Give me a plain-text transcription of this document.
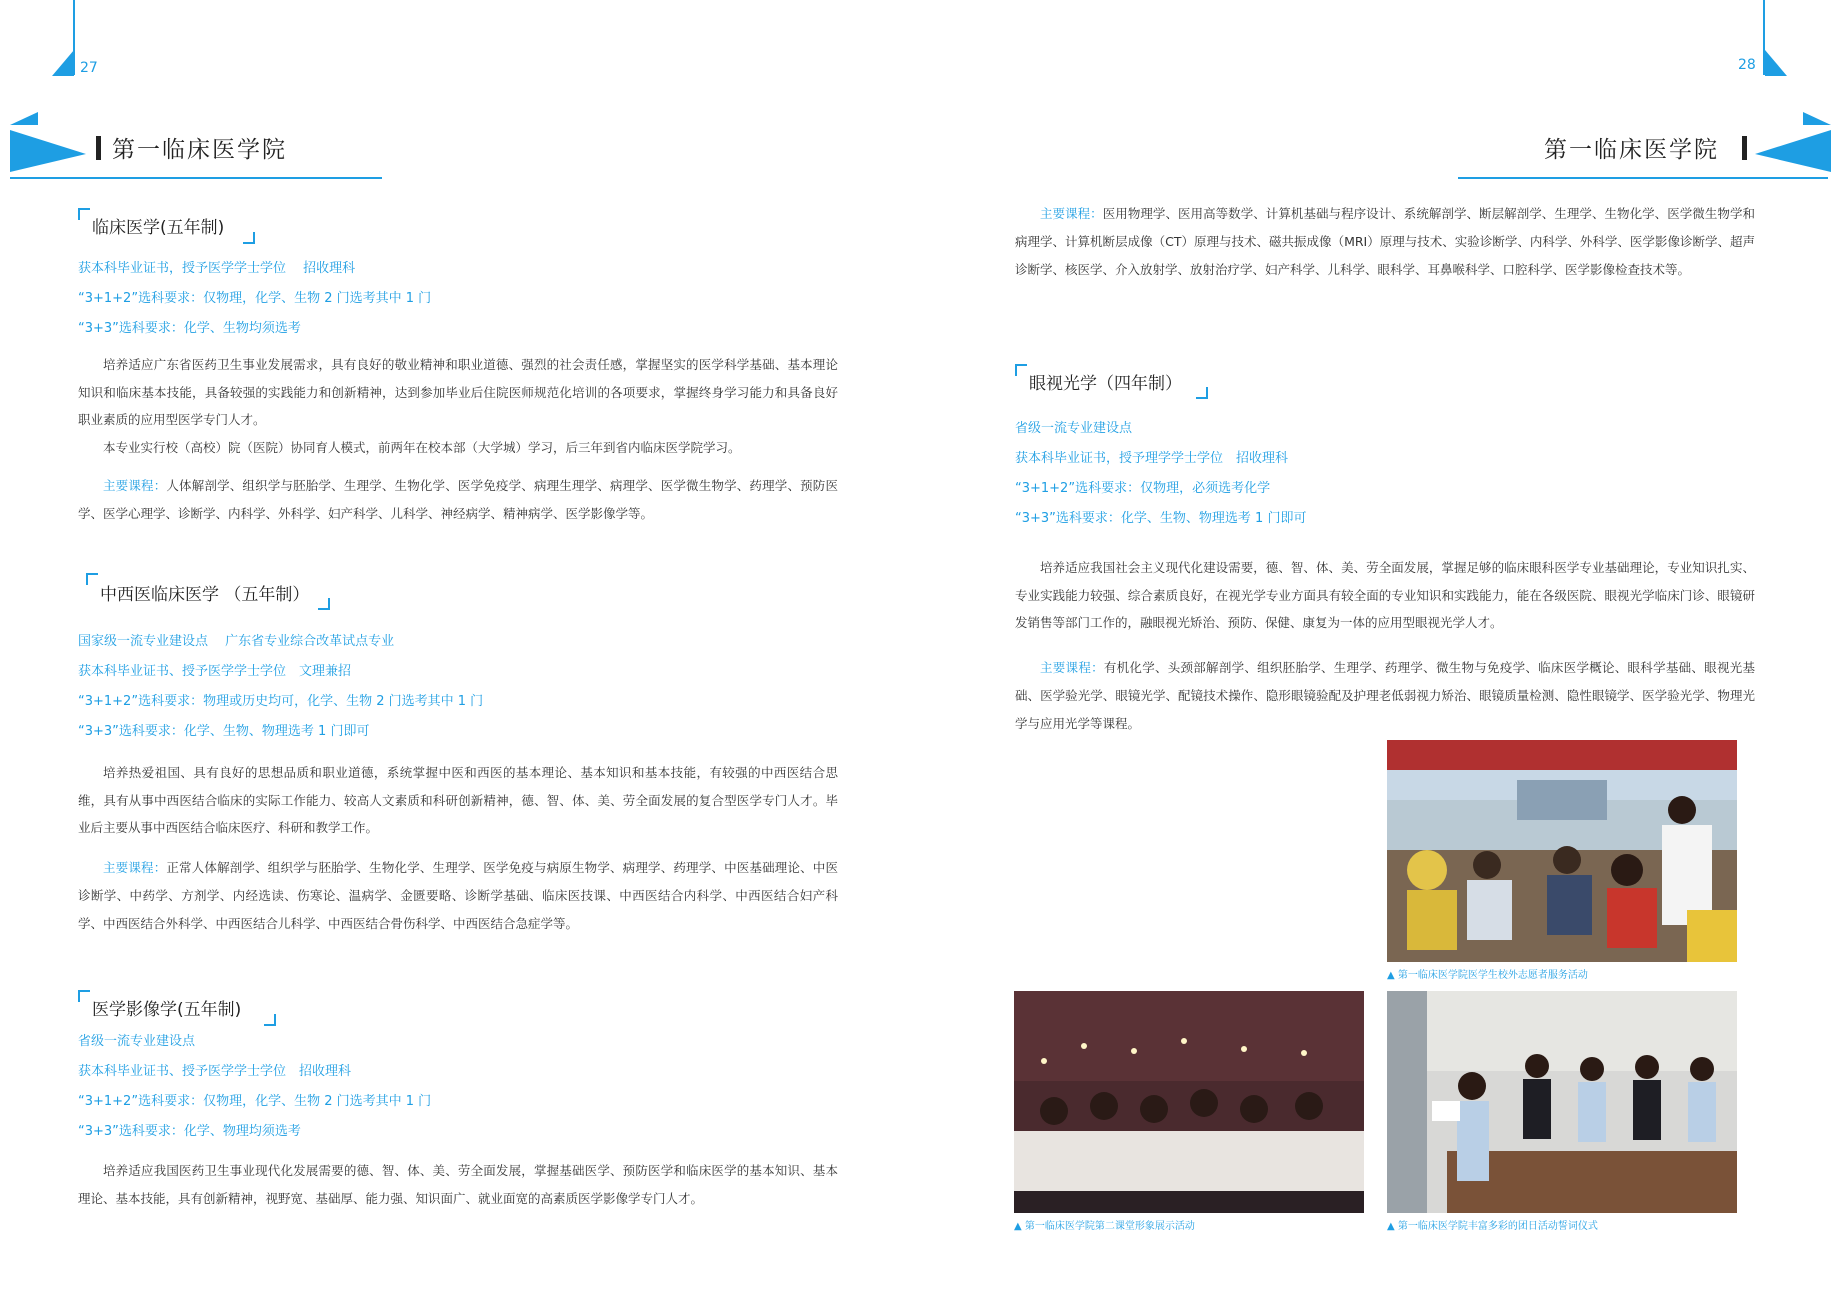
27
第一临床医学院
临床医学(五年制)
获本科毕业证书，授予医学学士学位　 招收理科
“3+1+2”选科要求：仅物理，化学、生物 2 门选考其中 1 门
“3+3”选科要求：化学、生物均须选考

培养适应广东省医药卫生事业发展需求，具有良好的敬业精神和职业道德、强烈的社会责任感，掌握坚实的医学科学基础、基本理论知识和临床基本技能，具备较强的实践能力和创新精神，达到参加毕业后住院医师规范化培训的各项要求，掌握终身学习能力和具备良好职业素质的应用型医学专门人才。

本专业实行校（高校）院（医院）协同育人模式，前两年在校本部（大学城）学习，后三年到省内临床医学院学习。

主要课程：人体解剖学、组织学与胚胎学、生理学、生物化学、医学免疫学、病理生理学、病理学、医学微生物学、药理学、预防医学、医学心理学、诊断学、内科学、外科学、妇产科学、儿科学、神经病学、精神病学、医学影像学等。

中西医临床医学 （五年制）
国家级一流专业建设点　 广东省专业综合改革试点专业
获本科毕业证书、授予医学学士学位　文理兼招
“3+1+2”选科要求：物理或历史均可，化学、生物 2 门选考其中 1 门
“3+3”选科要求：化学、生物、物理选考 1 门即可

培养热爱祖国、具有良好的思想品质和职业道德，系统掌握中医和西医的基本理论、基本知识和基本技能，有较强的中西医结合思维，具有从事中西医结合临床的实际工作能力、较高人文素质和科研创新精神，德、智、体、美、劳全面发展的复合型医学专门人才。毕业后主要从事中西医结合临床医疗、科研和教学工作。

主要课程：正常人体解剖学、组织学与胚胎学、生物化学、生理学、医学免疫与病原生物学、病理学、药理学、中医基础理论、中医诊断学、中药学、方剂学、内经选读、伤寒论、温病学、金匮要略、诊断学基础、临床医技课、中西医结合内科学、中西医结合妇产科学、中西医结合外科学、中西医结合儿科学、中西医结合骨伤科学、中西医结合急症学等。

医学影像学(五年制)
省级一流专业建设点
获本科毕业证书、授予医学学士学位　招收理科
“3+1+2”选科要求：仅物理，化学、生物 2 门选考其中 1 门
“3+3”选科要求：化学、物理均须选考

培养适应我国医药卫生事业现代化发展需要的德、智、体、美、劳全面发展，掌握基础医学、预防医学和临床医学的基本知识、基本理论、基本技能，具有创新精神，视野宽、基础厚、能力强、知识面广、就业面宽的高素质医学影像学专门人才。

28
第一临床医学院

主要课程：医用物理学、医用高等数学、计算机基础与程序设计、系统解剖学、断层解剖学、生理学、生物化学、医学微生物学和病理学、计算机断层成像（CT）原理与技术、磁共振成像（MRI）原理与技术、实验诊断学、内科学、外科学、医学影像诊断学、超声诊断学、核医学、介入放射学、放射治疗学、妇产科学、儿科学、眼科学、耳鼻喉科学、口腔科学、医学影像检查技术等。

眼视光学（四年制）
省级一流专业建设点
获本科毕业证书，授予理学学士学位　招收理科
“3+1+2”选科要求：仅物理，必须选考化学
“3+3”选科要求：化学、生物、物理选考 1 门即可

培养适应我国社会主义现代化建设需要，德、智、体、美、劳全面发展，掌握足够的临床眼科医学专业基础理论，专业知识扎实、专业实践能力较强、综合素质良好，在视光学专业方面具有较全面的专业知识和实践能力，能在各级医院、眼视光学临床门诊、眼镜研发销售等部门工作的，融眼视光矫治、预防、保健、康复为一体的应用型眼视光学人才。

主要课程：有机化学、头颈部解剖学、组织胚胎学、生理学、药理学、微生物与免疫学、临床医学概论、眼科学基础、眼视光基础、医学验光学、眼镜光学、配镜技术操作、隐形眼镜验配及护理老低弱视力矫治、眼镜质量检测、隐性眼镜学、医学验光学、物理光学与应用光学等课程。

▲ 第一临床医学院医学生校外志愿者服务活动
▲ 第一临床医学院第二课堂形象展示活动	▲ 第一临床医学院丰富多彩的团日活动誓词仪式
